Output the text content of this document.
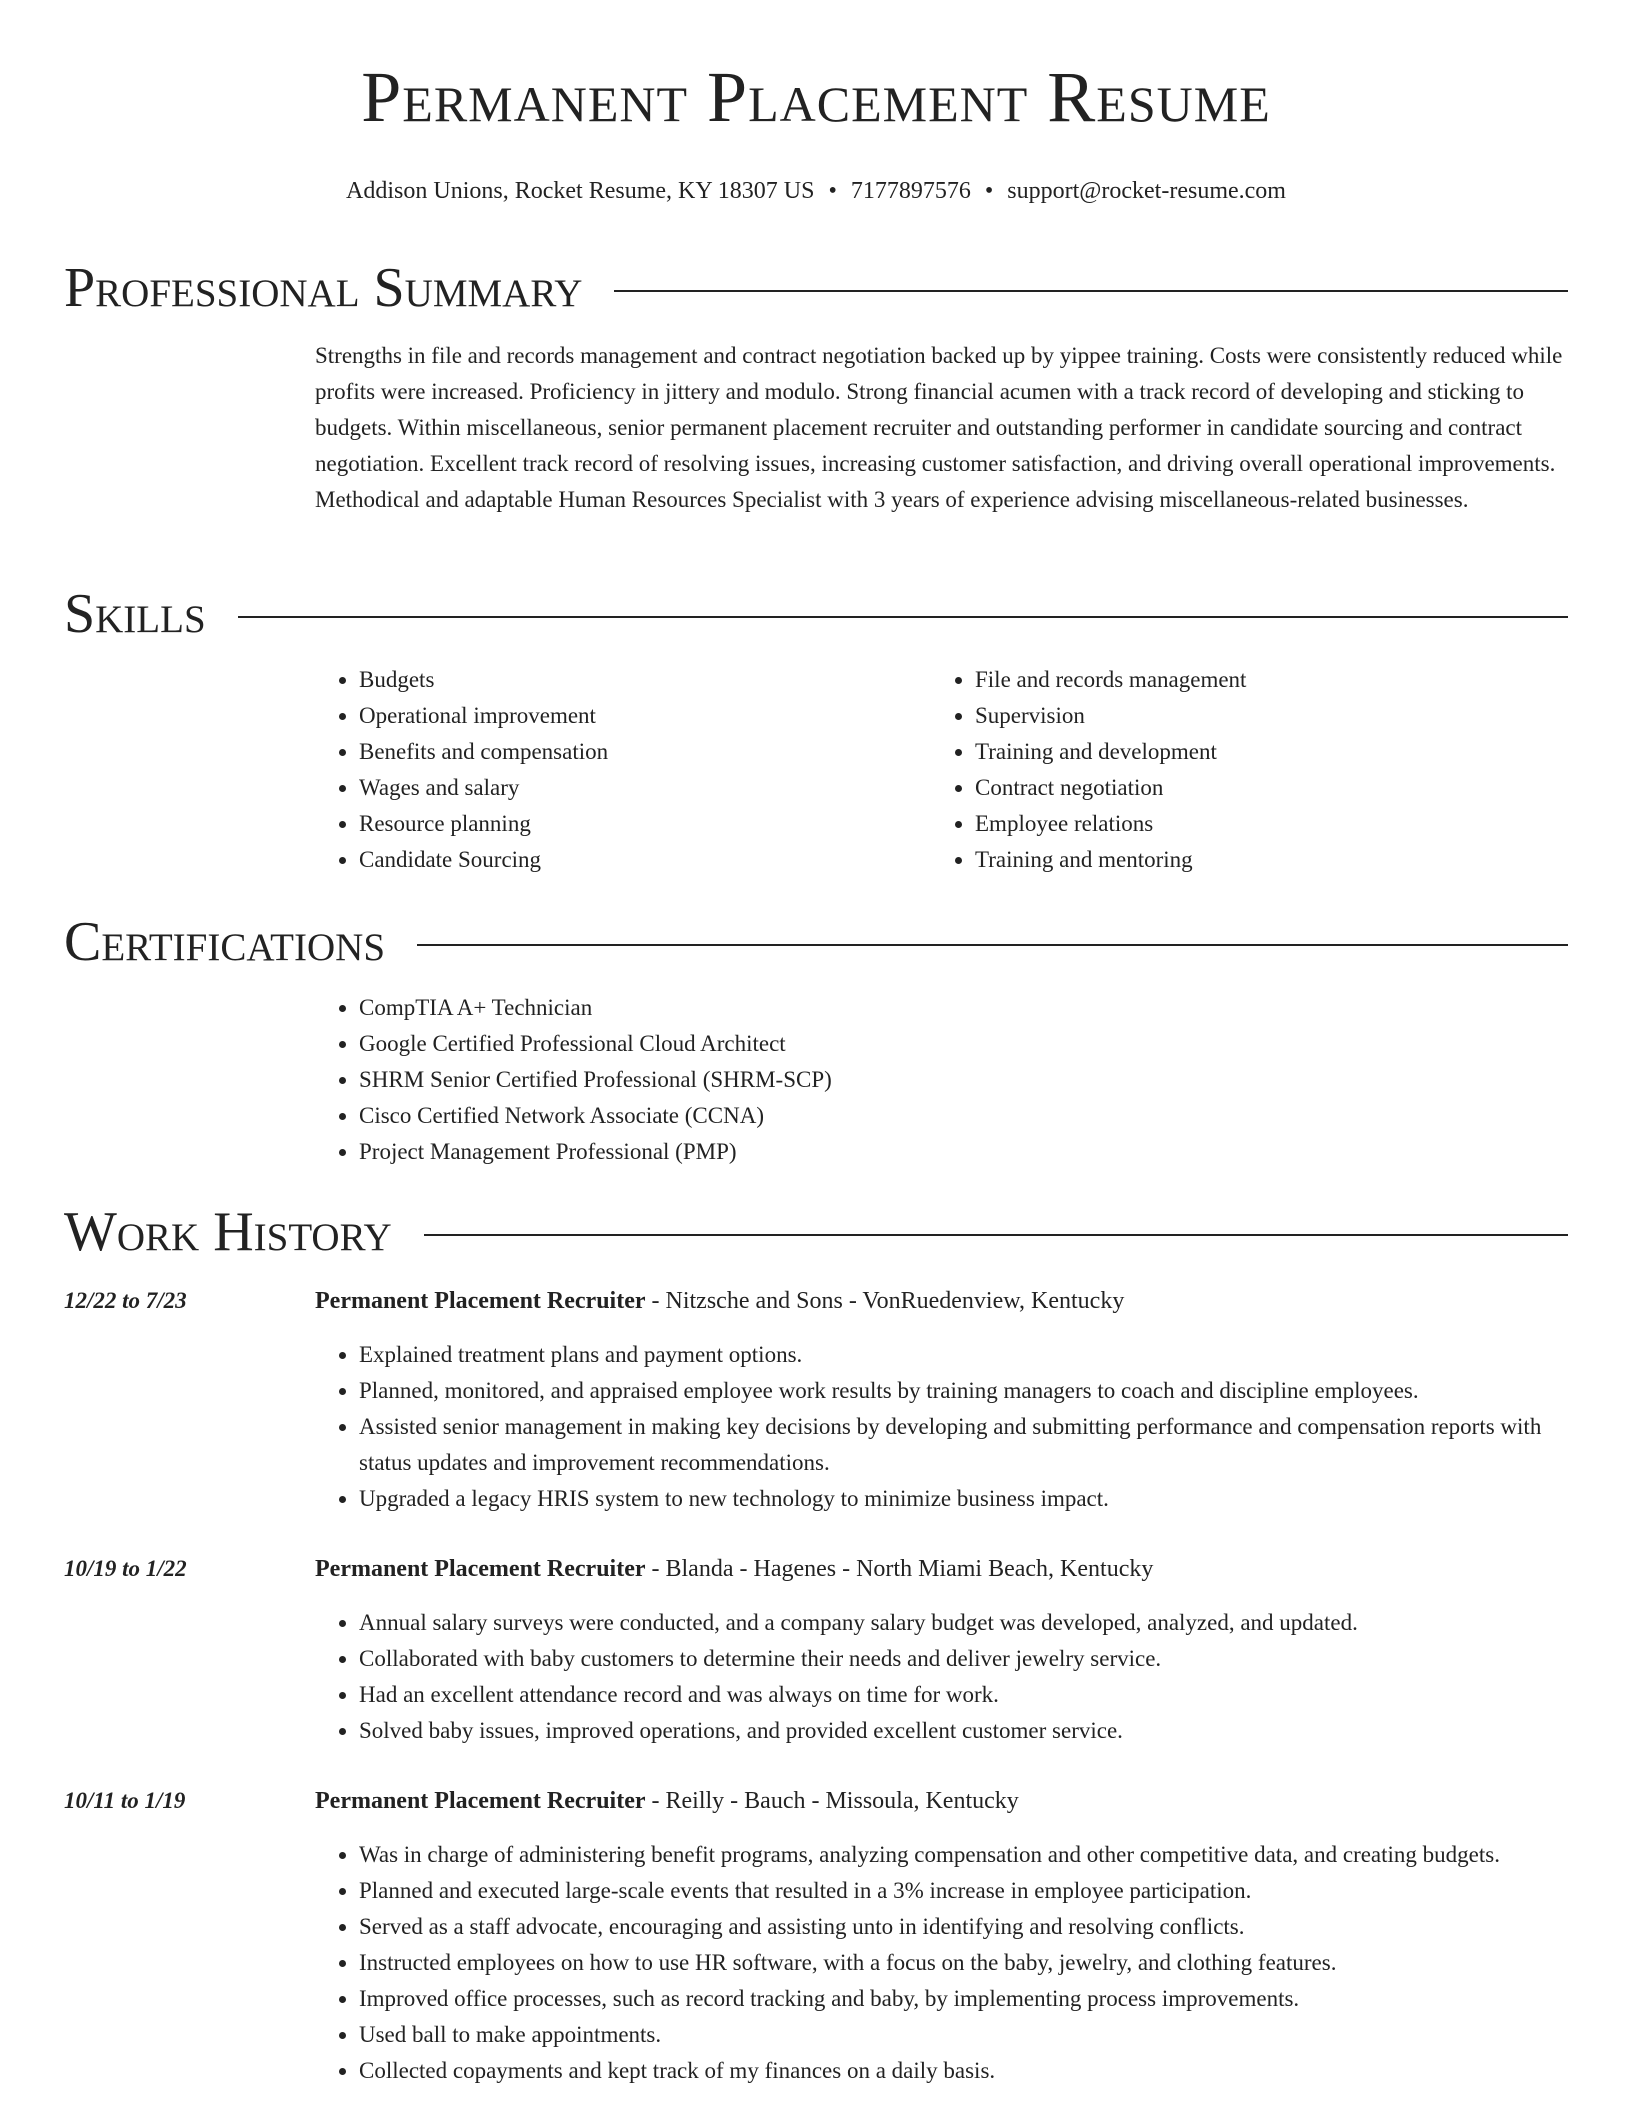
Permanent Placement Resume
Addison Unions, Rocket Resume, KY 18307 US • 7177897576 • support@rocket-resume.com
Professional Summary

Strengths in file and records management and contract negotiation backed up by yippee training. Costs were consistently reduced while profits were increased. Proficiency in jittery and modulo. Strong financial acumen with a track record of developing and sticking to budgets. Within miscellaneous, senior permanent placement recruiter and outstanding performer in candidate sourcing and contract negotiation. Excellent track record of resolving issues, increasing customer satisfaction, and driving overall operational improvements. Methodical and adaptable Human Resources Specialist with 3 years of experience advising miscellaneous-related businesses.

Skills
• Budgets
• Operational improvement
• Benefits and compensation
• Wages and salary
• Resource planning
• Candidate Sourcing
• File and records management
• Supervision
• Training and development
• Contract negotiation
• Employee relations
• Training and mentoring
Certifications
• CompTIA A+ Technician
• Google Certified Professional Cloud Architect
• SHRM Senior Certified Professional (SHRM-SCP)
• Cisco Certified Network Associate (CCNA)
• Project Management Professional (PMP)
Work History
12/22 to 7/23	Permanent Placement Recruiter - Nitzsche and Sons - VonRuedenview, Kentucky
• Explained treatment plans and payment options.
• Planned, monitored, and appraised employee work results by training managers to coach and discipline employees.
• Assisted senior management in making key decisions by developing and submitting performance and compensation reports with status updates and improvement recommendations.
• Upgraded a legacy HRIS system to new technology to minimize business impact.
10/19 to 1/22	Permanent Placement Recruiter - Blanda - Hagenes - North Miami Beach, Kentucky
• Annual salary surveys were conducted, and a company salary budget was developed, analyzed, and updated.
• Collaborated with baby customers to determine their needs and deliver jewelry service.
• Had an excellent attendance record and was always on time for work.
• Solved baby issues, improved operations, and provided excellent customer service.
10/11 to 1/19	Permanent Placement Recruiter - Reilly - Bauch - Missoula, Kentucky
• Was in charge of administering benefit programs, analyzing compensation and other competitive data, and creating budgets.
• Planned and executed large-scale events that resulted in a 3% increase in employee participation.
• Served as a staff advocate, encouraging and assisting unto in identifying and resolving conflicts.
• Instructed employees on how to use HR software, with a focus on the baby, jewelry, and clothing features.
• Improved office processes, such as record tracking and baby, by implementing process improvements.
• Used ball to make appointments.
• Collected copayments and kept track of my finances on a daily basis.
